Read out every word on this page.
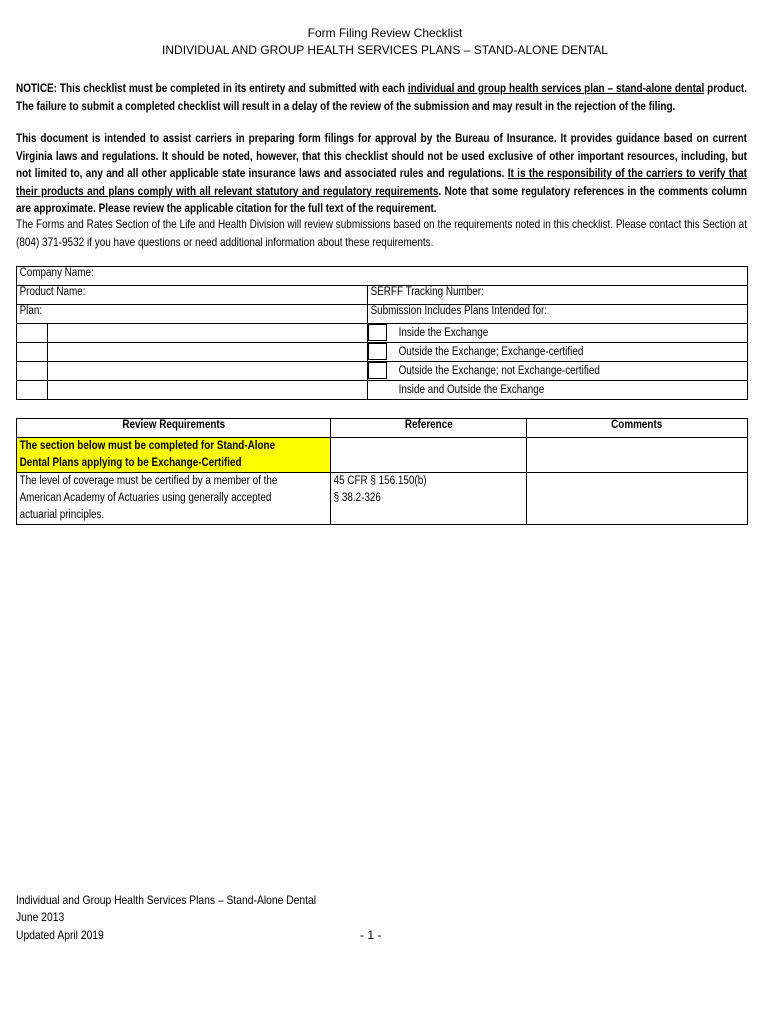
Form Filing Review Checklist
INDIVIDUAL AND GROUP HEALTH SERVICES PLANS – STAND-ALONE DENTAL
NOTICE: This checklist must be completed in its entirety and submitted with each individual and group health services plan – stand-alone dental product. The failure to submit a completed checklist will result in a delay of the review of the submission and may result in the rejection of the filing.
This document is intended to assist carriers in preparing form filings for approval by the Bureau of Insurance. It provides guidance based on current Virginia laws and regulations. It should be noted, however, that this checklist should not be used exclusive of other important resources, including, but not limited to, any and all other applicable state insurance laws and associated rules and regulations. It is the responsibility of the carriers to verify that their products and plans comply with all relevant statutory and regulatory requirements. Note that some regulatory references in the comments column are approximate. Please review the applicable citation for the full text of the requirement.
The Forms and Rates Section of the Life and Health Division will review submissions based on the requirements noted in this checklist. Please contact this Section at (804) 371-9532 if you have questions or need additional information about these requirements.
Company Name:		
Product Name:		SERFF Tracking Number:
Plan:		Submission Includes Plans Intended for:
		Inside the Exchange
		Outside the Exchange; Exchange-certified
		Outside the Exchange; not Exchange-certified
		Inside and Outside the Exchange
Review Requirements	Reference	Comments

The section below must be completed for Stand-Alone Dental Plans applying to be Exchange-Certified		

The level of coverage must be certified by a member of the American Academy of Actuaries using generally accepted actuarial principles.	45 CFR § 156.150(b)
§ 38.2-326	

Individual and Group Health Services Plans – Stand-Alone Dental
June 2013
Updated April 2019	- 1 -
